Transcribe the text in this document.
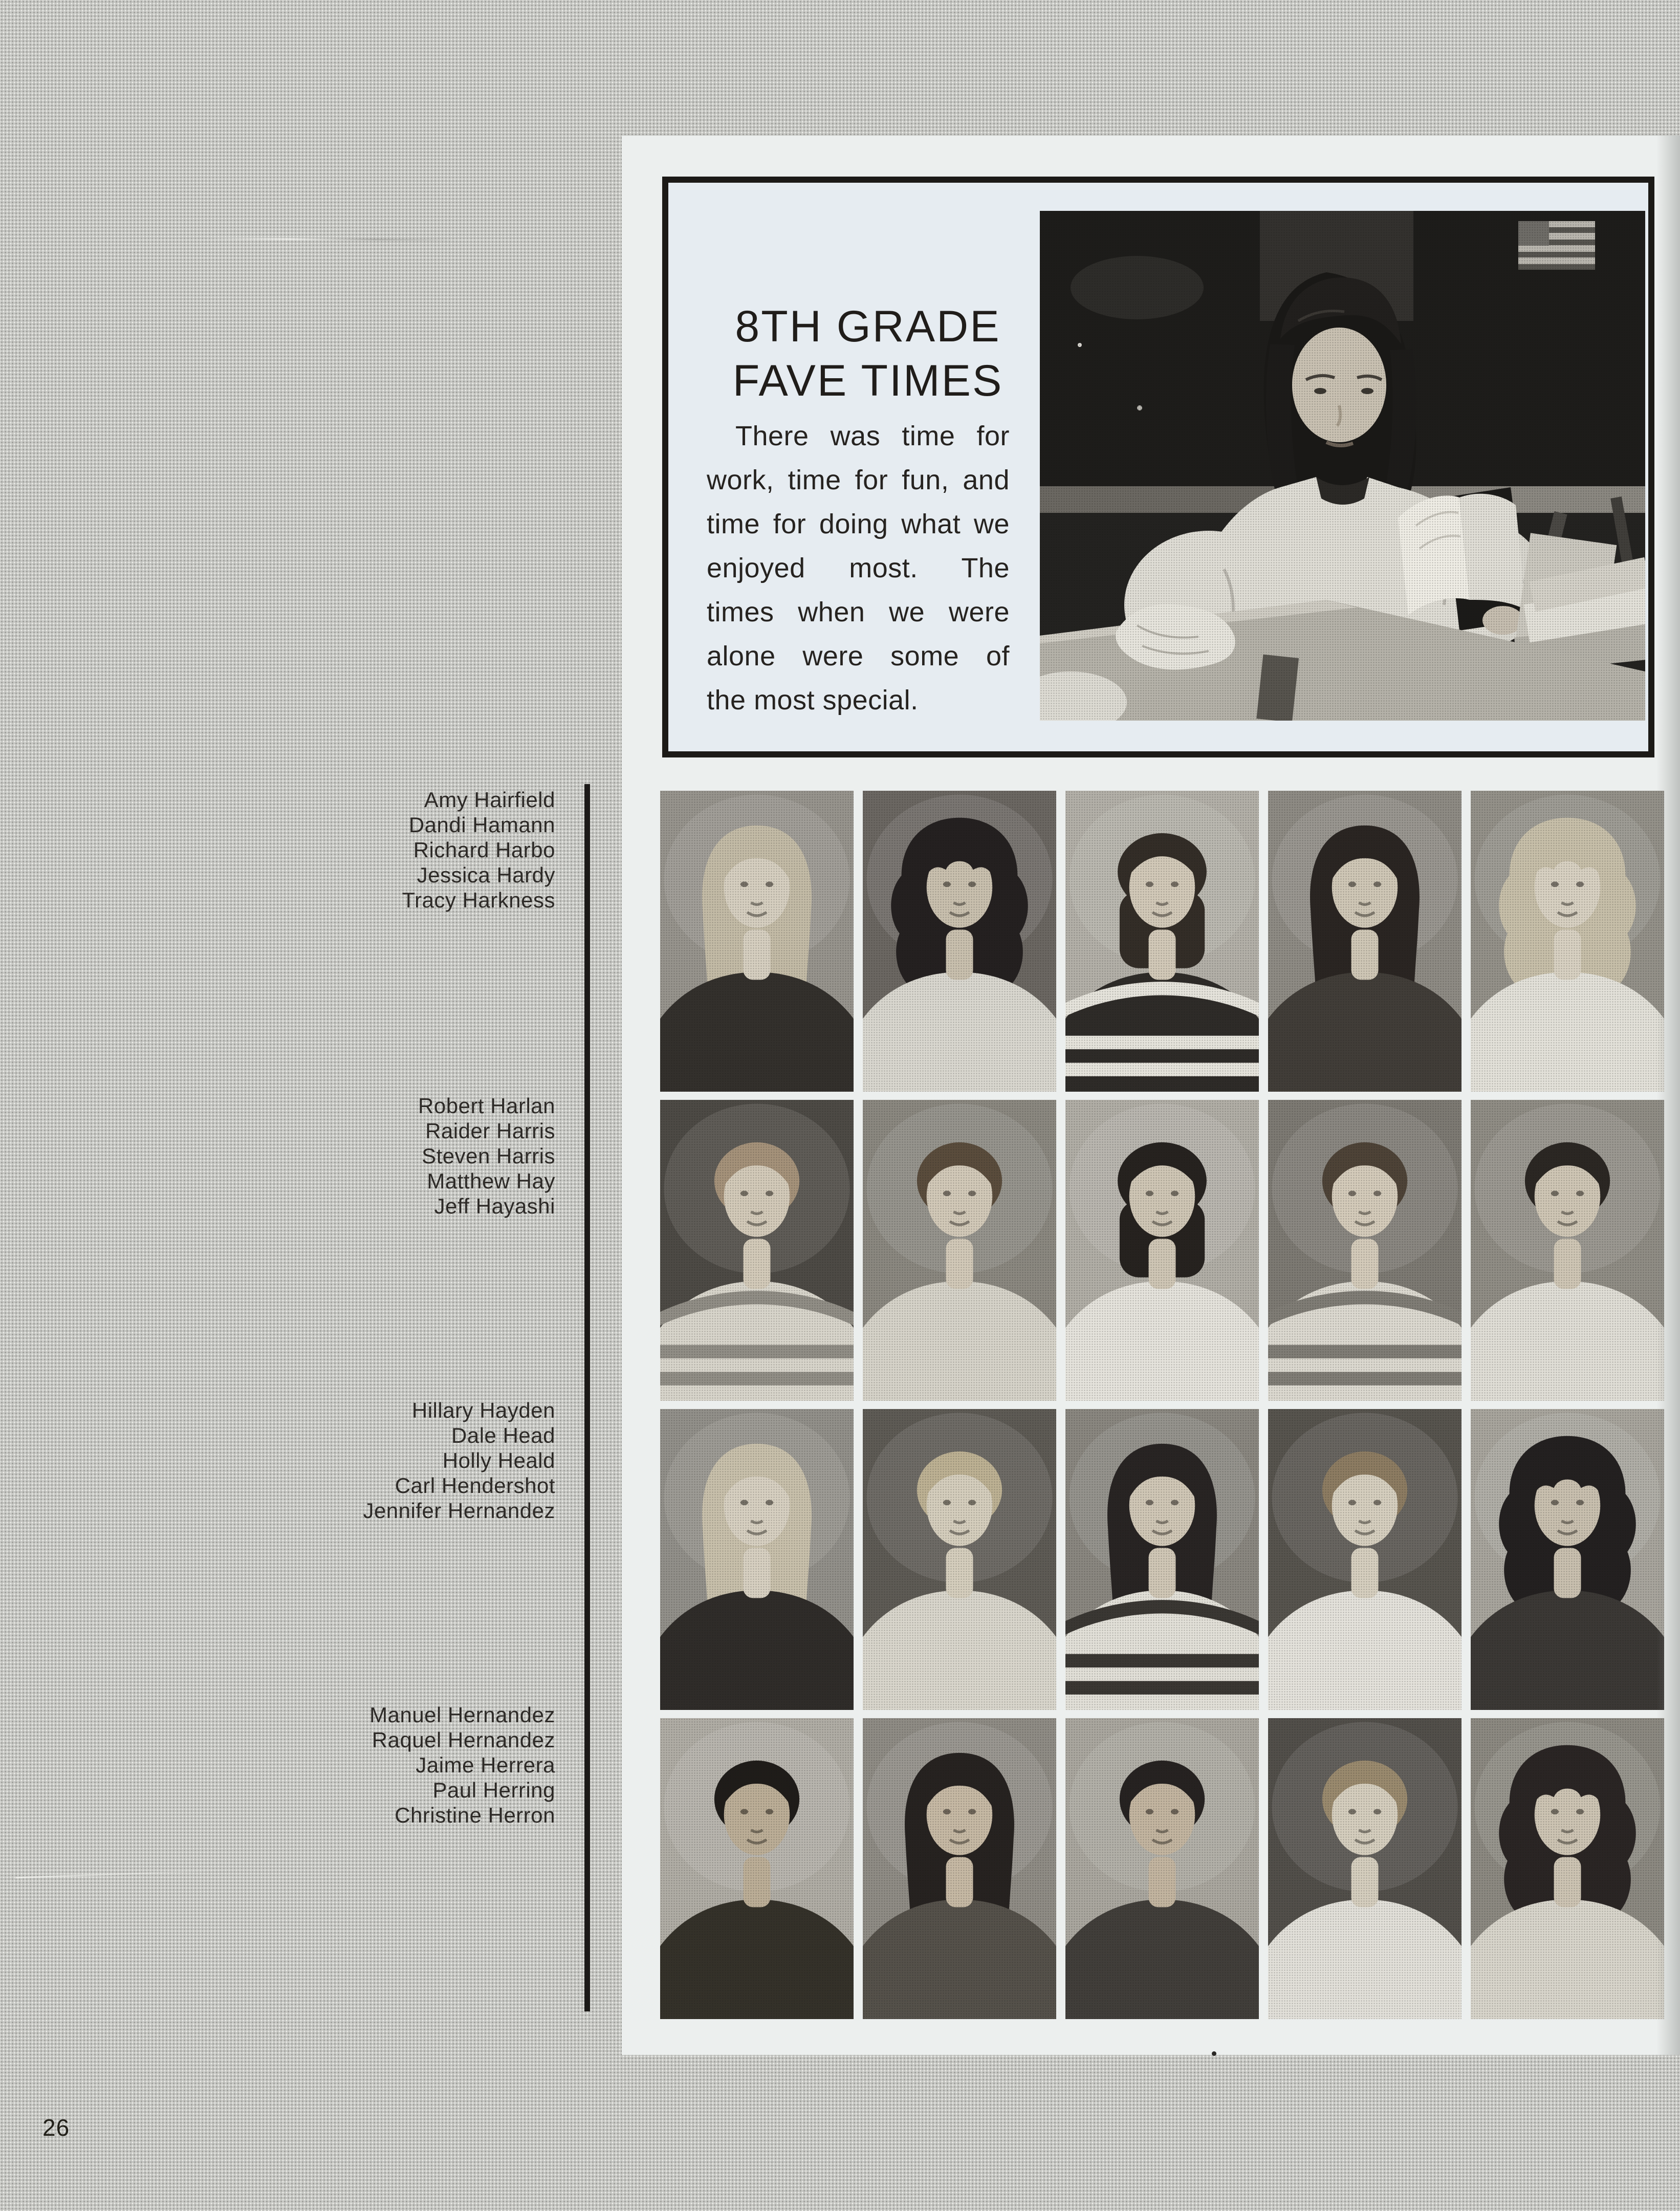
8TH GRADE
FAVE TIMES
There was time for
work, time for fun, and
time for doing what we
enjoyed most. The
times when we were
alone were some of
the most special.
Amy Hairfield
Dandi Hamann
Richard Harbo
Jessica Hardy
Tracy Harkness
Robert Harlan
Raider Harris
Steven Harris
Matthew Hay
Jeff Hayashi
Hillary Hayden
Dale Head
Holly Heald
Carl Hendershot
Jennifer Hernandez
Manuel Hernandez
Raquel Hernandez
Jaime Herrera
Paul Herring
Christine Herron
26
